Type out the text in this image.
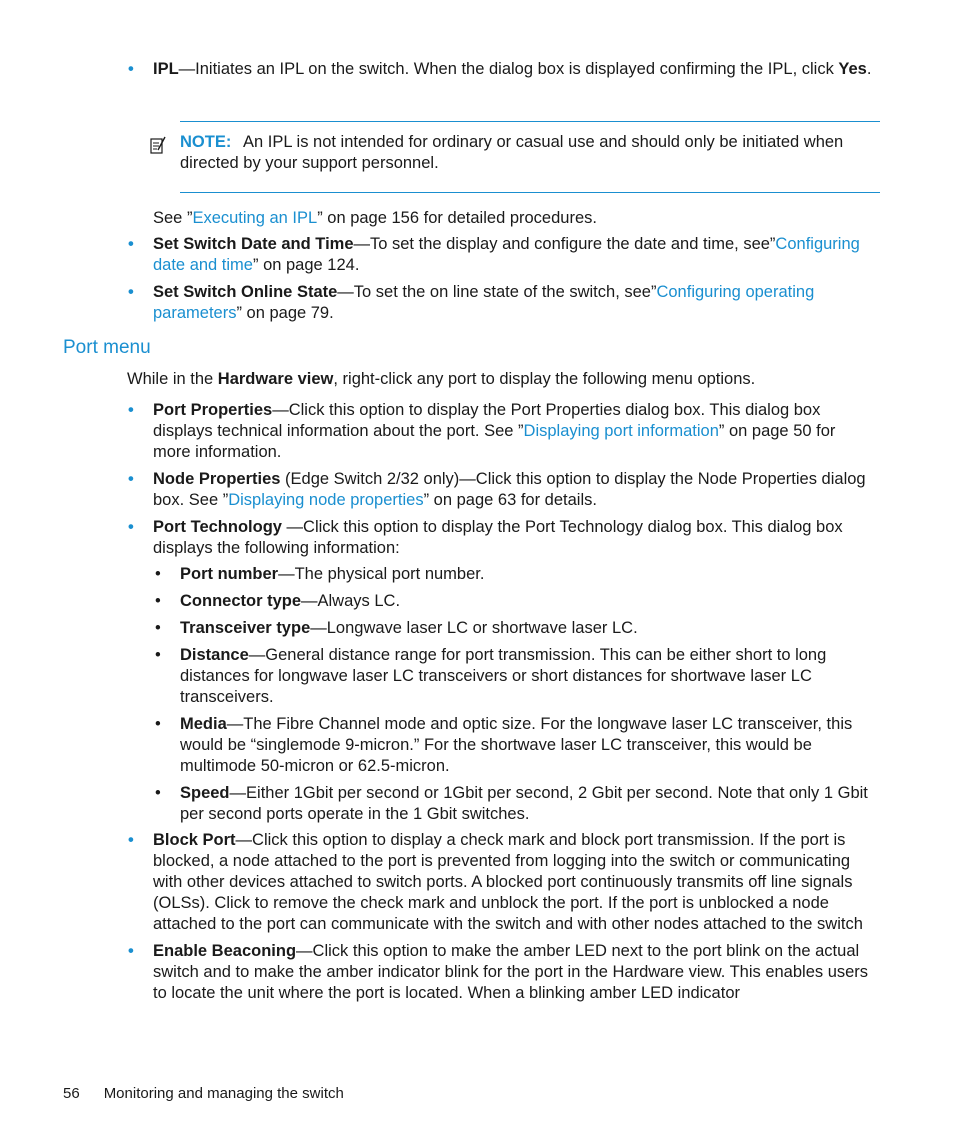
• IPL—Initiates an IPL on the switch. When the dialog box is displayed confirming the IPL, click Yes.
NOTE: An IPL is not intended for ordinary or casual use and should only be initiated when directed by your support personnel.

See ”Executing an IPL” on page 156 for detailed procedures.

• Set Switch Date and Time—To set the display and configure the date and time, see”Configuring date and time” on page 124.
• Set Switch Online State—To set the on line state of the switch, see”Configuring operating parameters” on page 79.
Port menu

While in the Hardware view, right-click any port to display the following menu options.

• Port Properties—Click this option to display the Port Properties dialog box. This dialog box displays technical information about the port. See ”Displaying port information” on page 50 for more information.
• Node Properties (Edge Switch 2/32 only)—Click this option to display the Node Properties dialog box. See ”Displaying node properties” on page 63 for details.
• Port Technology —Click this option to display the Port Technology dialog box. This dialog box displays the following information:
• Port number—The physical port number.
• Connector type—Always LC.
• Transceiver type—Longwave laser LC or shortwave laser LC.
• Distance—General distance range for port transmission. This can be either short to long distances for longwave laser LC transceivers or short distances for shortwave laser LC transceivers.
• Media—The Fibre Channel mode and optic size. For the longwave laser LC transceiver, this would be “singlemode 9-micron.” For the shortwave laser LC transceiver, this would be multimode 50-micron or 62.5-micron.
• Speed—Either 1Gbit per second or 1Gbit per second, 2 Gbit per second. Note that only 1 Gbit per second ports operate in the 1 Gbit switches.
• Block Port—Click this option to display a check mark and block port transmission. If the port is blocked, a node attached to the port is prevented from logging into the switch or communicating with other devices attached to switch ports. A blocked port continuously transmits off line signals (OLSs). Click to remove the check mark and unblock the port. If the port is unblocked a node attached to the port can communicate with the switch and with other nodes attached to the switch
• Enable Beaconing—Click this option to make the amber LED next to the port blink on the actual switch and to make the amber indicator blink for the port in the Hardware view. This enables users to locate the unit where the port is located. When a blinking amber LED indicator
56 Monitoring and managing the switch
